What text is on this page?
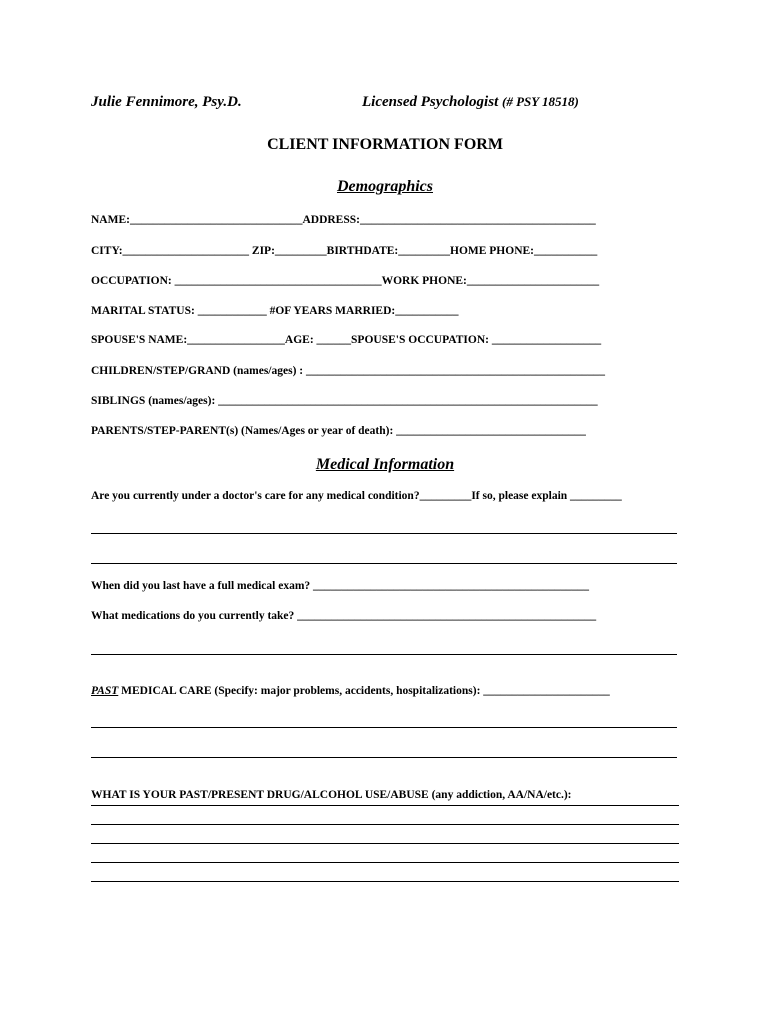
Julie Fennimore, Psy.D.	Licensed Psychologist (# PSY 18518)
CLIENT INFORMATION FORM
Demographics
NAME:______________________________ADDRESS:_________________________________________
CITY:______________________ ZIP:_________BIRTHDATE:_________HOME PHONE:___________
OCCUPATION: ____________________________________WORK PHONE:_______________________
MARITAL STATUS: ____________ #OF YEARS MARRIED:___________
SPOUSE'S NAME:_________________AGE: ______SPOUSE'S OCCUPATION: ___________________
CHILDREN/STEP/GRAND (names/ages) : ____________________________________________________
SIBLINGS (names/ages): __________________________________________________________________
PARENTS/STEP-PARENT(s) (Names/Ages or year of death): _________________________________
Medical Information
Are you currently under a doctor's care for any medical condition?_________If so, please explain _________
When did you last have a full medical exam? ________________________________________________
What medications do you currently take? ____________________________________________________
PAST MEDICAL CARE (Specify: major problems, accidents, hospitalizations): ______________________
WHAT IS YOUR PAST/PRESENT DRUG/ALCOHOL USE/ABUSE (any addiction, AA/NA/etc.):
